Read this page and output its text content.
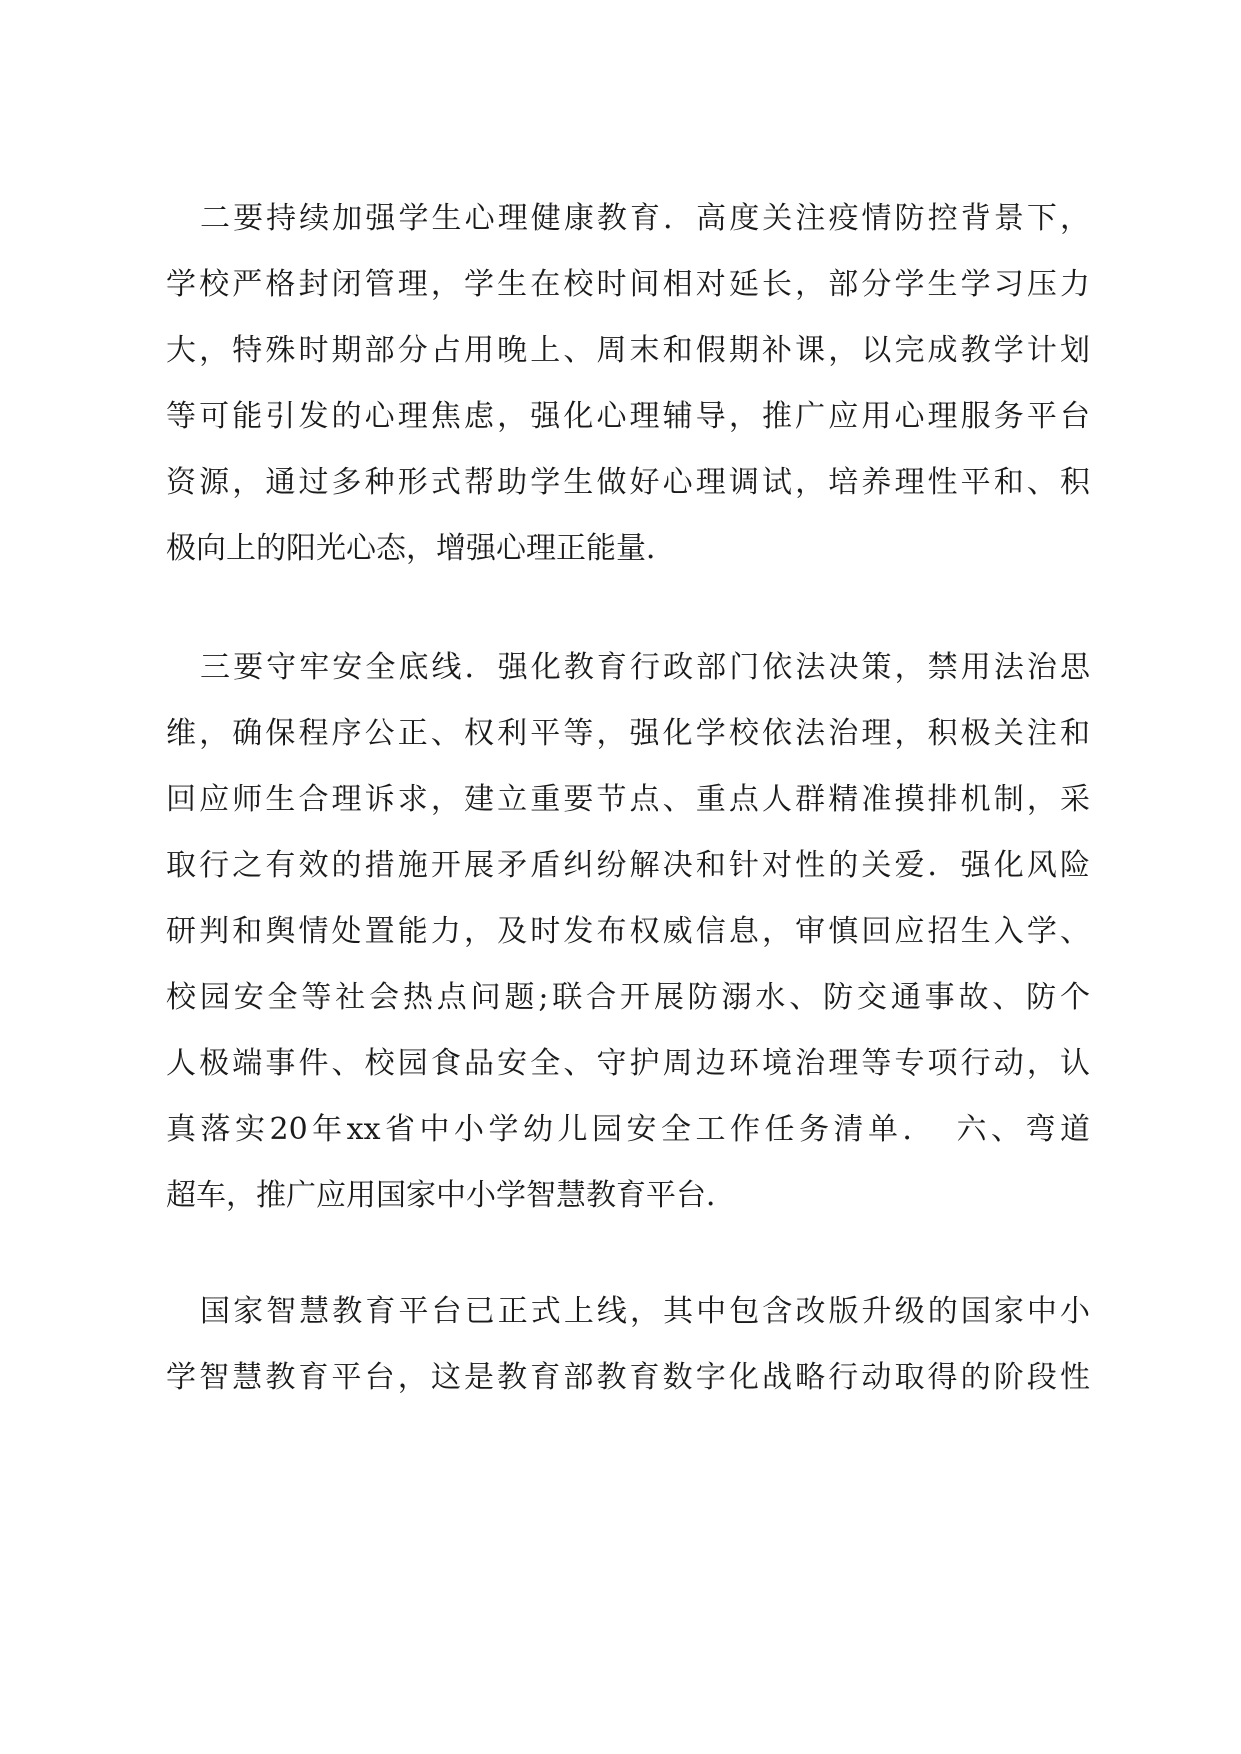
二要持续加强学生心理健康教育．高度关注疫情防控背景下，
学校严格封闭管理，学生在校时间相对延长，部分学生学习压力
大，特殊时期部分占用晚上、周末和假期补课，以完成教学计划
等可能引发的心理焦虑，强化心理辅导，推广应用心理服务平台
资源，通过多种形式帮助学生做好心理调试，培养理性平和、积
极向上的阳光心态，增强心理正能量．
三要守牢安全底线．强化教育行政部门依法决策，禁用法治思
维，确保程序公正、权利平等，强化学校依法治理，积极关注和
回应师生合理诉求，建立重要节点、重点人群精准摸排机制，采
取行之有效的措施开展矛盾纠纷解决和针对性的关爱．强化风险
研判和舆情处置能力，及时发布权威信息，审慎回应招生入学、
校园安全等社会热点问题;联合开展防溺水、防交通事故、防个
人极端事件、校园食品安全、守护周边环境治理等专项行动，认
真落实20年xx省中小学幼儿园安全工作任务清单．　六、弯道
超车，推广应用国家中小学智慧教育平台．
国家智慧教育平台已正式上线，其中包含改版升级的国家中小
学智慧教育平台，这是教育部教育数字化战略行动取得的阶段性
